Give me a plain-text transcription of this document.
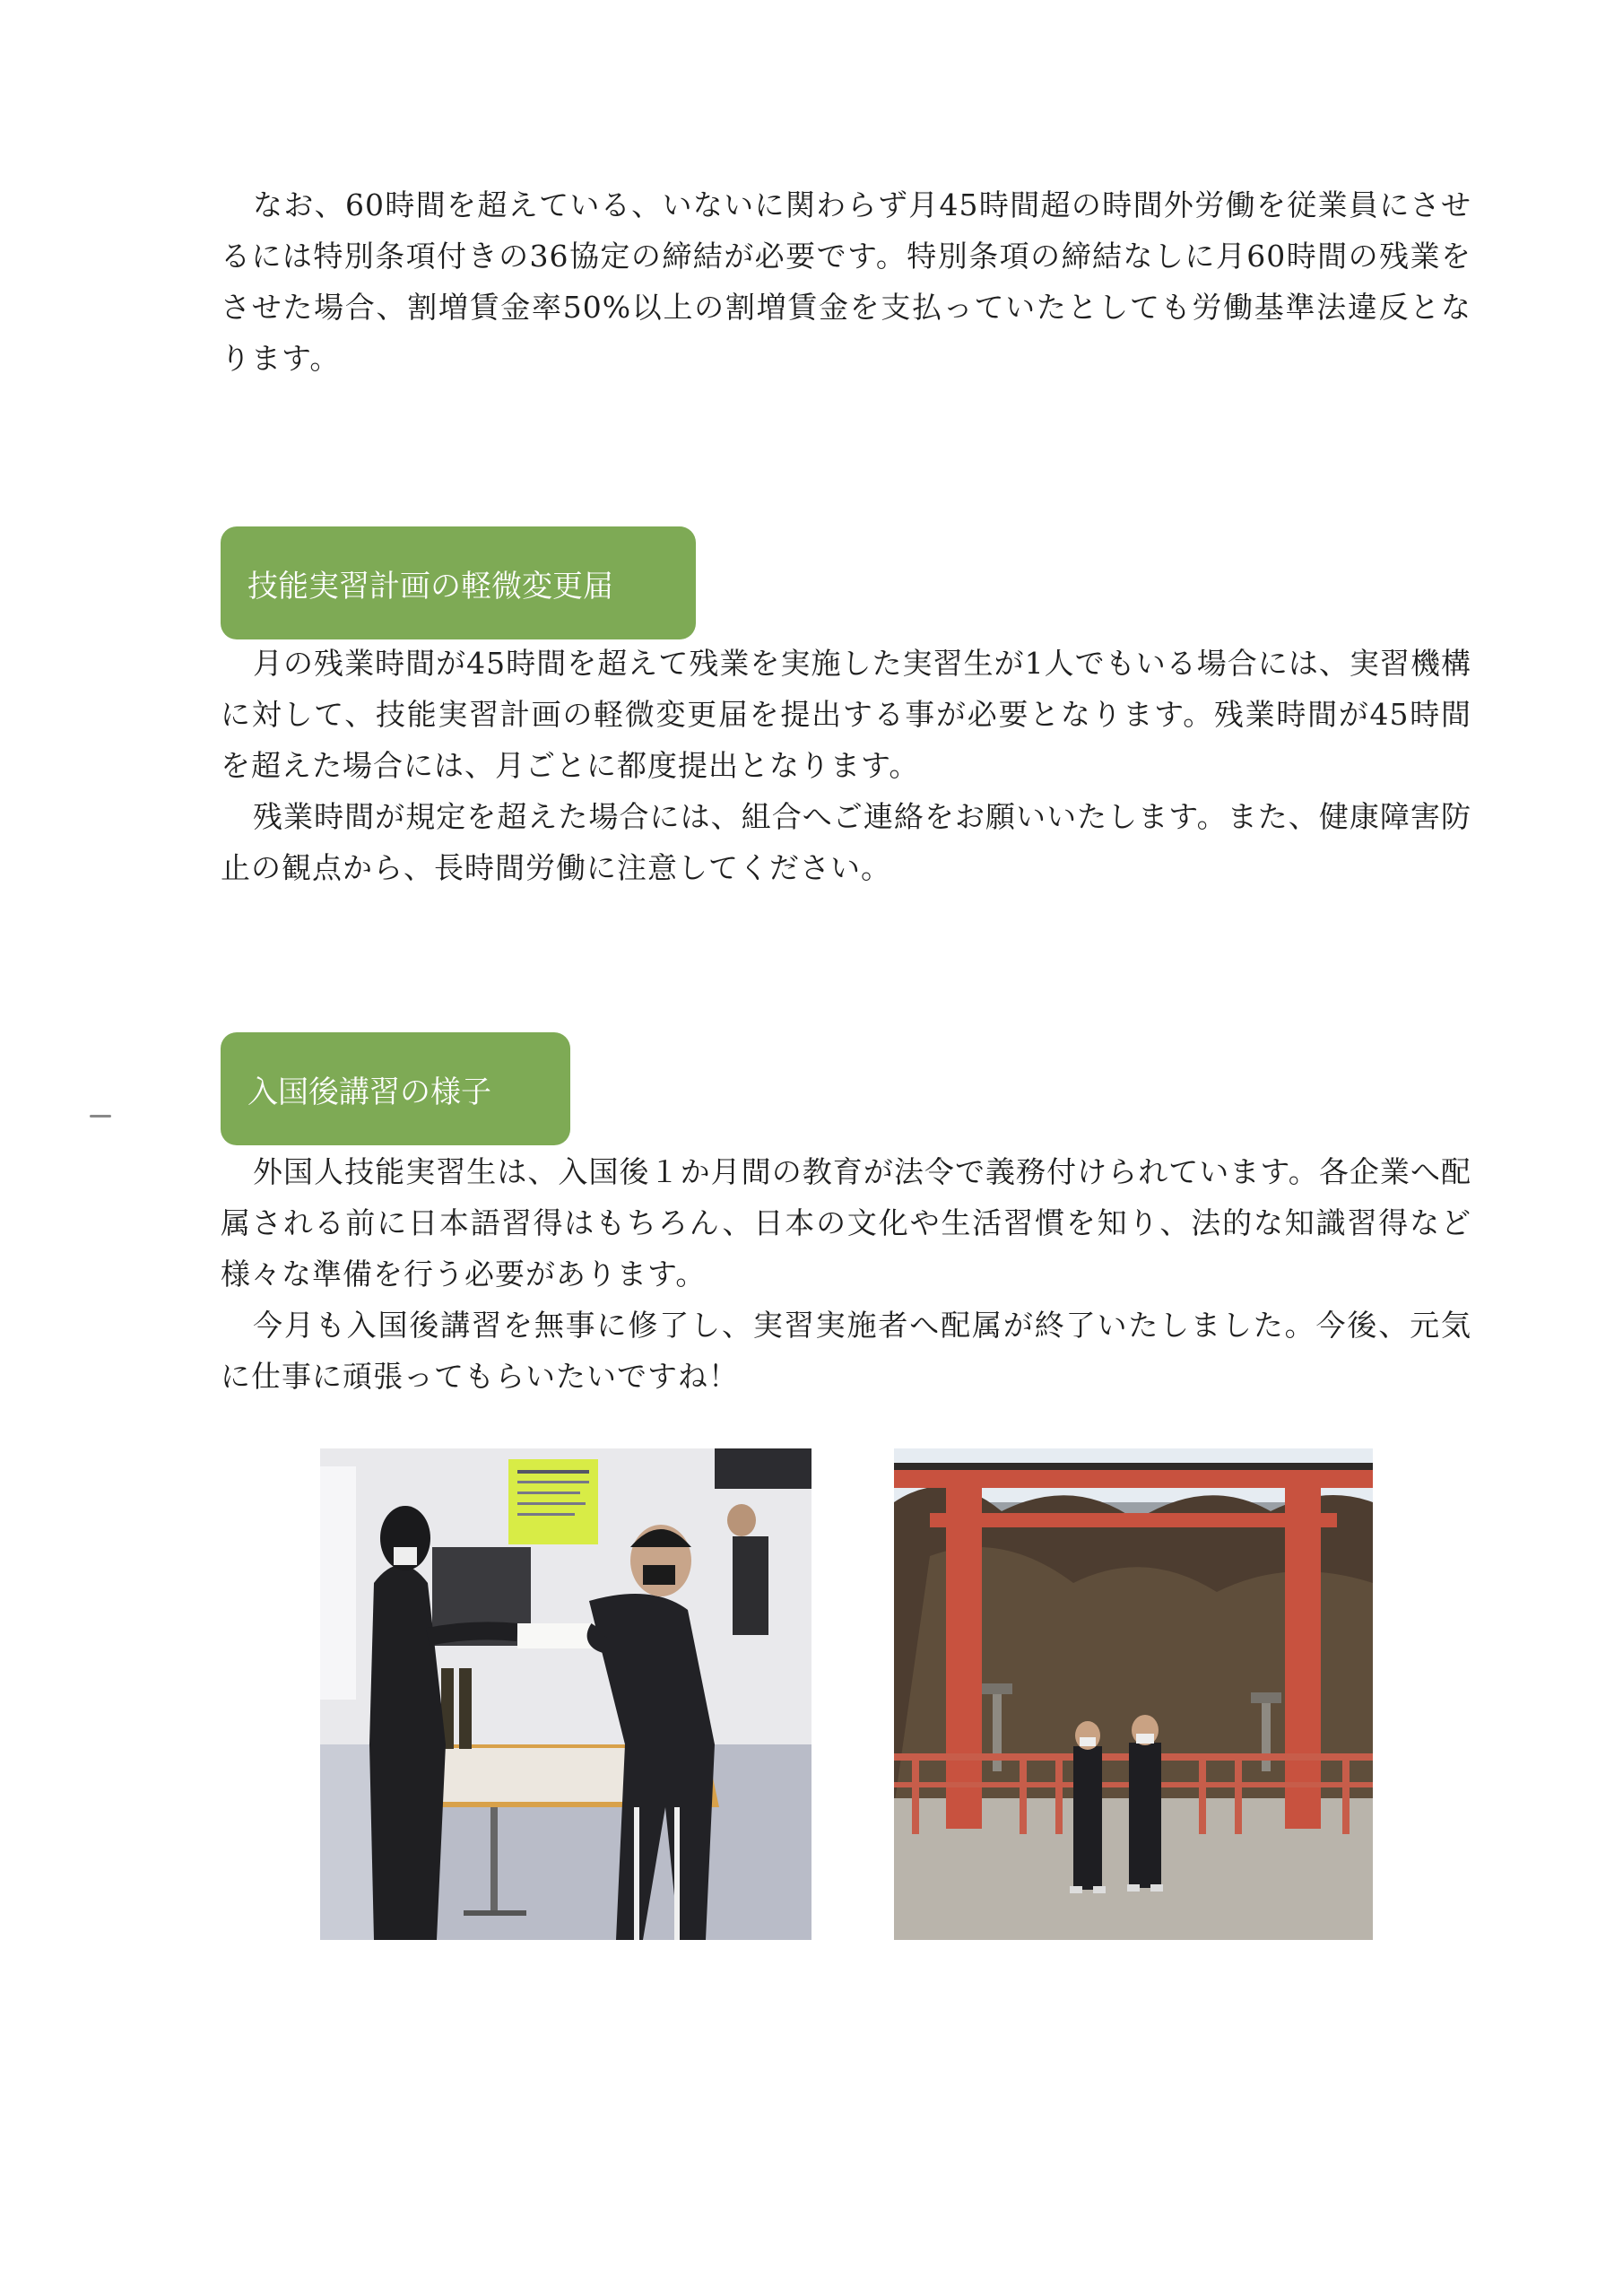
なお、60時間を超えている、いないに関わらず月45時間超の時間外労働を従業員にさせるには特別条項付きの36協定の締結が必要です。特別条項の締結なしに月60時間の残業をさせた場合、割増賃金率50%以上の割増賃金を支払っていたとしても労働基準法違反となります。

技能実習計画の軽微変更届

月の残業時間が45時間を超えて残業を実施した実習生が1人でもいる場合には、実習機構に対して、技能実習計画の軽微変更届を提出する事が必要となります。残業時間が45時間を超えた場合には、月ごとに都度提出となります。

残業時間が規定を超えた場合には、組合へご連絡をお願いいたします。また、健康障害防止の観点から、長時間労働に注意してください。

入国後講習の様子

外国人技能実習生は、入国後１か月間の教育が法令で義務付けられています。各企業へ配属される前に日本語習得はもちろん、日本の文化や生活習慣を知り、法的な知識習得など様々な準備を行う必要があります。

今月も入国後講習を無事に修了し、実習実施者へ配属が終了いたしました。今後、元気に仕事に頑張ってもらいたいですね！
